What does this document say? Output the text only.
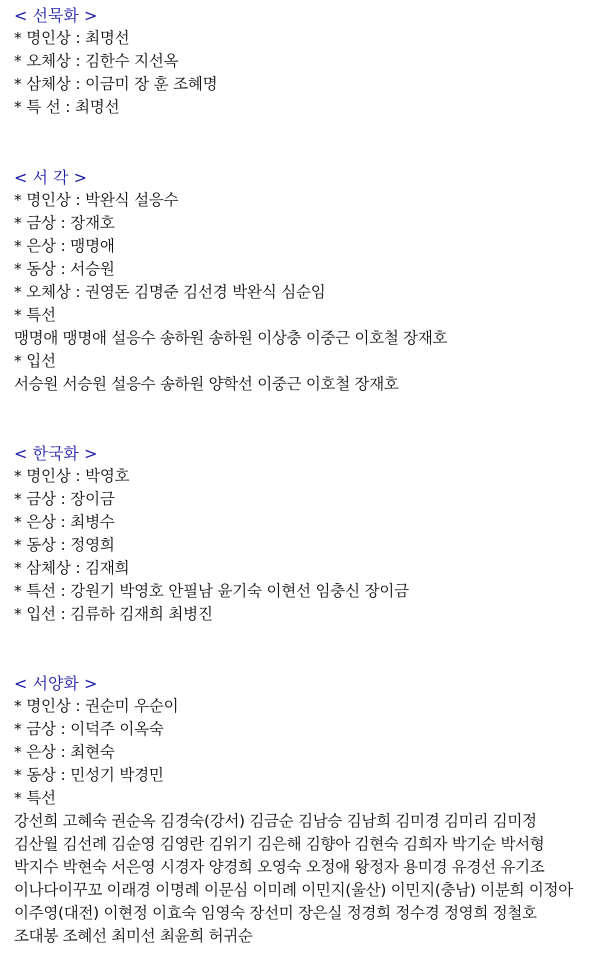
< 선묵화 >
* 명인상 : 최명선
* 오체상 : 김한수 지선옥
* 삼체상 : 이금미 장 훈 조혜명
* 특 선 : 최명선
< 서 각 >
* 명인상 : 박완식 설응수
* 금상 : 장재호
* 은상 : 맹명애
* 동상 : 서승원
* 오체상 : 권영돈 김명준 김선경 박완식 심순임
* 특선
맹명애 맹명애 설응수 송하원 송하원 이상충 이중근 이호철 장재호
* 입선
서승원 서승원 설응수 송하원 양학선 이중근 이호철 장재호
< 한국화 >
* 명인상 : 박영호
* 금상 : 장이금
* 은상 : 최병수
* 동상 : 정영희
* 삼체상 : 김재희
* 특선 : 강원기 박영호 안필남 윤기숙 이현선 임충신 장이금
* 입선 : 김류하 김재희 최병진
< 서양화 >
* 명인상 : 권순미 우순이
* 금상 : 이덕주 이옥숙
* 은상 : 최현숙
* 동상 : 민성기 박경민
* 특선
강선희 고혜숙 권순옥 김경숙(강서) 김금순 김남승 김남희 김미경 김미리 김미정 김산월 김선례 김순영 김영란 김위기 김은해 김향아 김현숙 김희자 박기순 박서형 박지수 박현숙 서은영 시경자 양경희 오영숙 오정애 왕정자 용미경 유경선 유기조 이나다이꾸꼬 이래경 이명례 이문심 이미례 이민지(울산) 이민지(충남) 이분희 이정아 이주영(대전) 이현정 이효숙 임영숙 장선미 장은실 정경희 정수경 정영희 정철호 조대봉 조혜선 최미선 최윤희 허귀순
